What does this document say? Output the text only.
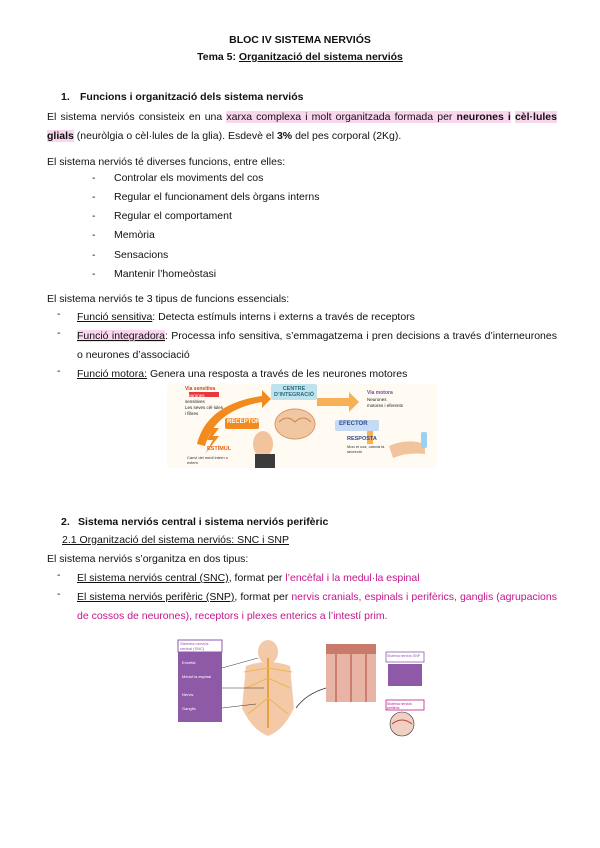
BLOC IV SISTEMA NERVIÓS
Tema 5: Organització del sistema nerviós
1. Funcions i organització dels sistema nerviós
El sistema nerviós consisteix en una xarxa complexa i molt organitzada formada per neurones i cèl·lules glials (neuròlgia o cèl·lules de la glia). Esdevè el 3% del pes corporal (2Kg).
El sistema nerviós té diverses funcions, entre elles:
- Controlar els moviments del cos
- Regular el funcionament dels òrgans interns
- Regular el comportament
- Memòria
- Sensacions
- Mantenir l’homeòstasi
El sistema nerviós te 3 tipus de funcions essencials:
- Funció sensitiva: Detecta estímuls interns i externs a través de receptors
- Funció integradora: Processa info sensitiva, s’emmagatzema i pren decisions a través d’interneurones o neurones d’associació
- Funció motora: Genera una resposta a través de les neurones motores
Via sensitiva
Neurones
sensitives
Les seves cèl·lules
i fibres
CENTRE D’INTEGRACIÓ	Via motora
Neurones
motores i eferents
RECEPTOR	EFECTOR
ESTÍMUL
Canvi del medi intern o extern
RESPOSTA
Mou el cos, canvia la secreció
2. Sistema nerviós central i sistema nerviós perifèric
2.1 Organització del sistema nerviós: SNC i SNP
El sistema nerviós s’organitza en dos tipus:
- El sistema nerviós central (SNC), format per l’encèfal i la medul·la espinal
- El sistema nerviós perifèric (SNP), format per nervis cranials, espinals i perifèrics, ganglis (agrupacions de cossos de neurones), receptors i plexes enterics a l’intestí prim.
Sistema nerviós central (SNC)
Encèfal
Medul·la espinal
Nervis
Ganglis
Sistema nerviós SNP
Sistema nerviós perifèric
